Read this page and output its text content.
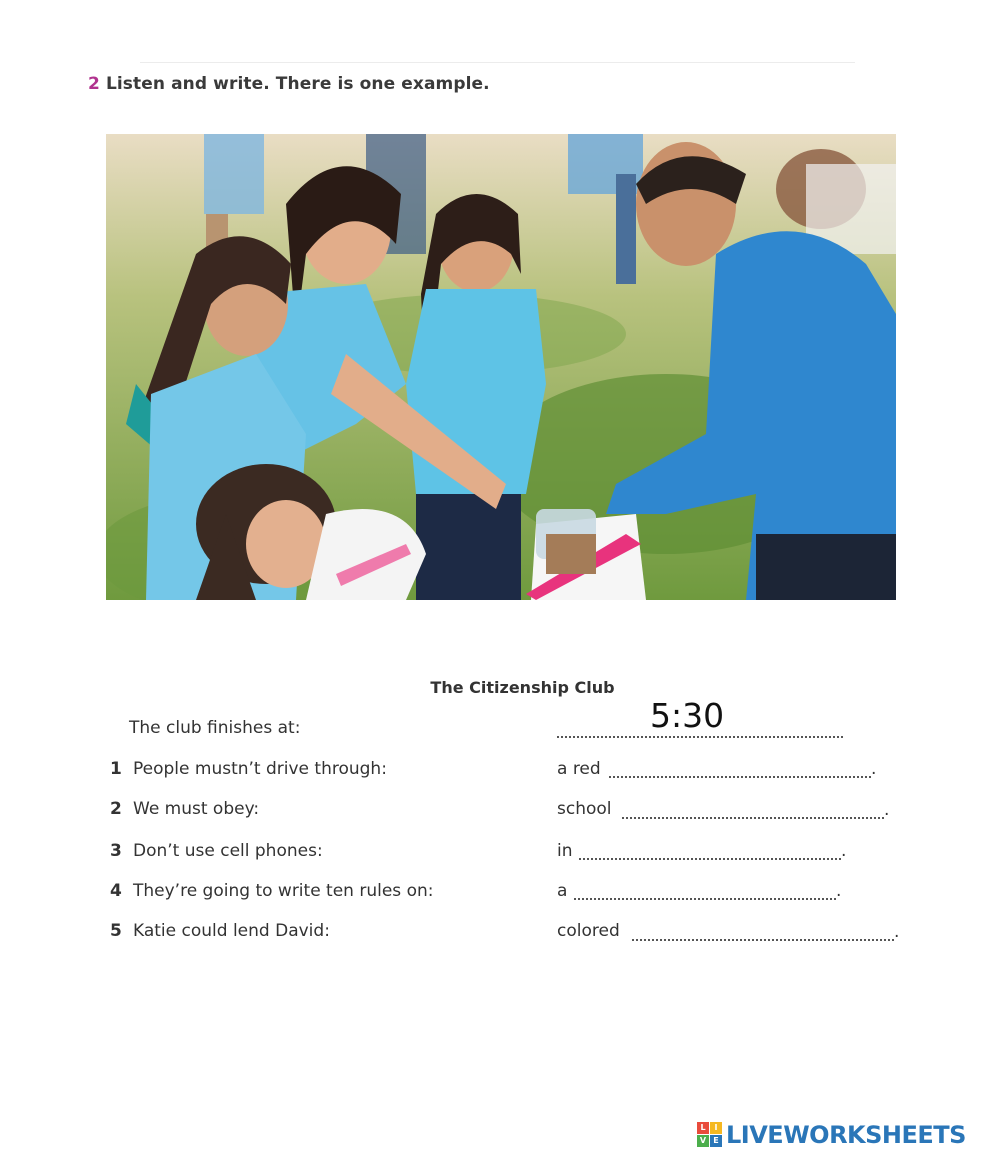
2 Listen and write. There is one example.
The Citizenship Club
The club finishes at:	5:30
1 People mustn’t drive through:	a red
2 We must obey:	school
3 Don’t use cell phones:	in
4 They’re going to write ten rules on:	a
5 Katie could lend David:	colored
L	I
V E LIVEWORKSHEETS
.
.
.
.
.
